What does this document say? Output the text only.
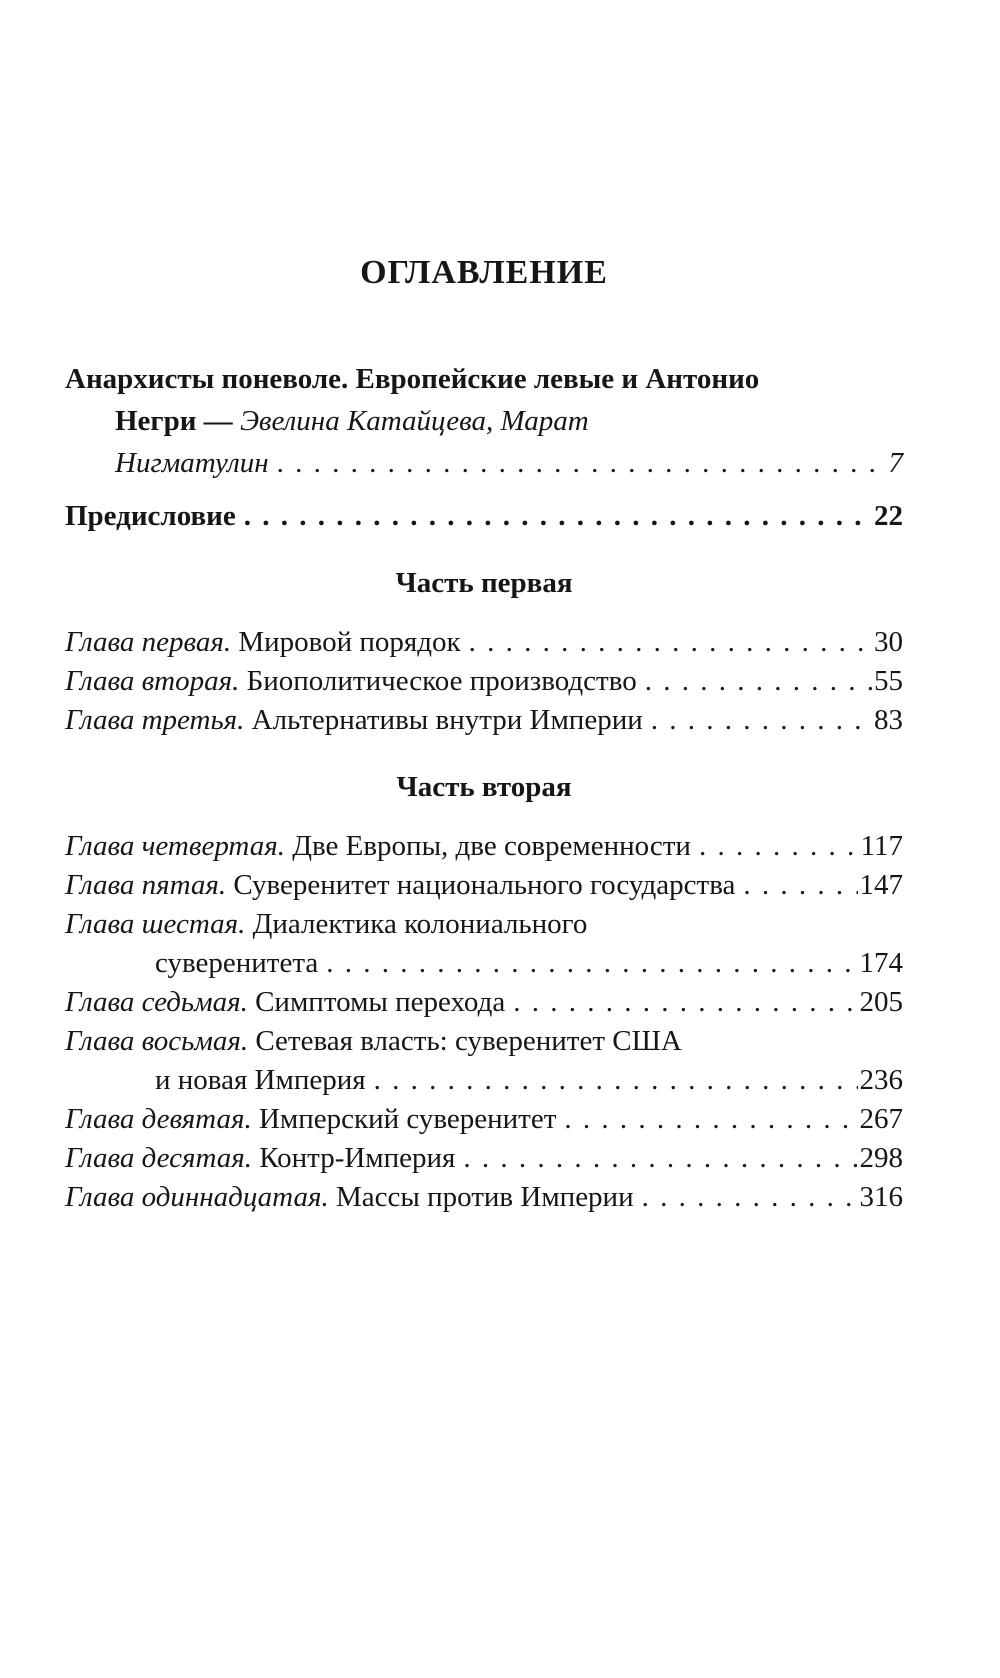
ОГЛАВЛЕНИЕ
Анархисты поневоле. Европейские левые и Антонио
Негри — Эвелина Катайцева, Марат
Нигматулин . . .	7
Предисловие . . .	22
Часть первая
Глава первая. Мировой порядок . . .	30
Глава вторая. Биополитическое производство . . .	55
Глава третья. Альтернативы внутри Империи . . .	83
Часть вторая
Глава четвертая. Две Европы, две современности . . .	117
Глава пятая. Суверенитет национального государства . . .	147
Глава шестая. Диалектика колониального
суверенитета . . .	174
Глава седьмая. Симптомы перехода . . .	205
Глава восьмая. Сетевая власть: суверенитет США
и новая Империя . . .	236
Глава девятая. Имперский суверенитет . . .	267
Глава десятая. Контр-Империя . . .	298
Глава одиннадцатая. Массы против Империи . . .	316
